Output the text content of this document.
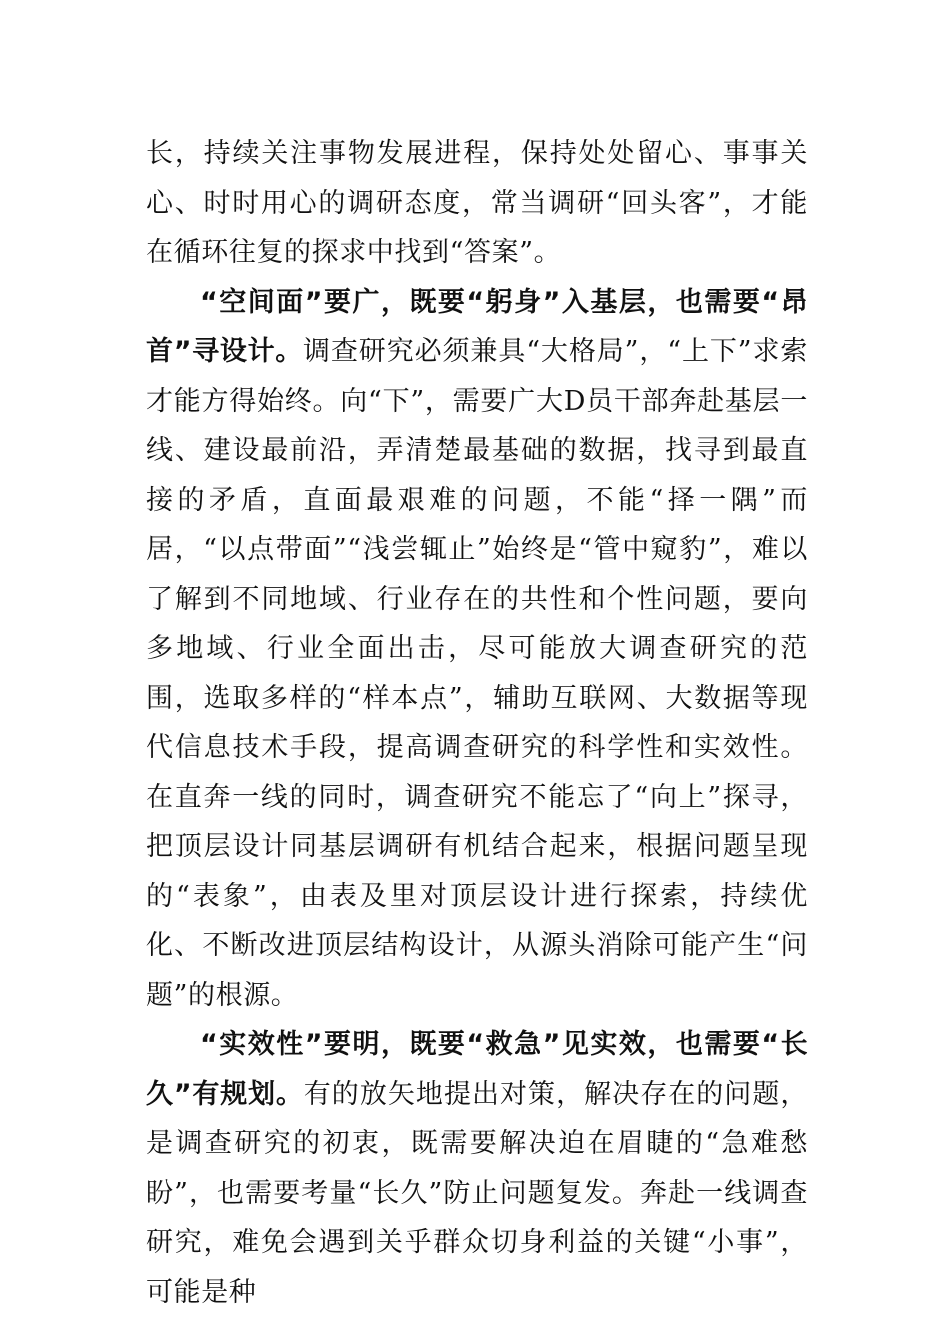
长，持续关注事物发展进程，保持处处留心、事事关心、时时用心的调研态度，常当调研“回头客”，才能在循环往复的探求中找到“答案”。

“空间面”要广，既要“躬身”入基层，也需要“昂首”寻设计。调查研究必须兼具“大格局”，“上下”求索才能方得始终。向“下”，需要广大D员干部奔赴基层一线、建设最前沿，弄清楚最基础的数据，找寻到最直接的矛盾，直面最艰难的问题，不能“择一隅”而居，“以点带面”“浅尝辄止”始终是“管中窥豹”，难以了解到不同地域、行业存在的共性和个性问题，要向多地域、行业全面出击，尽可能放大调查研究的范围，选取多样的“样本点”，辅助互联网、大数据等现代信息技术手段，提高调查研究的科学性和实效性。在直奔一线的同时，调查研究不能忘了“向上”探寻，把顶层设计同基层调研有机结合起来，根据问题呈现的“表象”，由表及里对顶层设计进行探索，持续优化、不断改进顶层结构设计，从源头消除可能产生“问题”的根源。

“实效性”要明，既要“救急”见实效，也需要“长久”有规划。有的放矢地提出对策，解决存在的问题，是调查研究的初衷，既需要解决迫在眉睫的“急难愁盼”，也需要考量“长久”防止问题复发。奔赴一线调查研究，难免会遇到关乎群众切身利益的关键“小事”，可能是种
